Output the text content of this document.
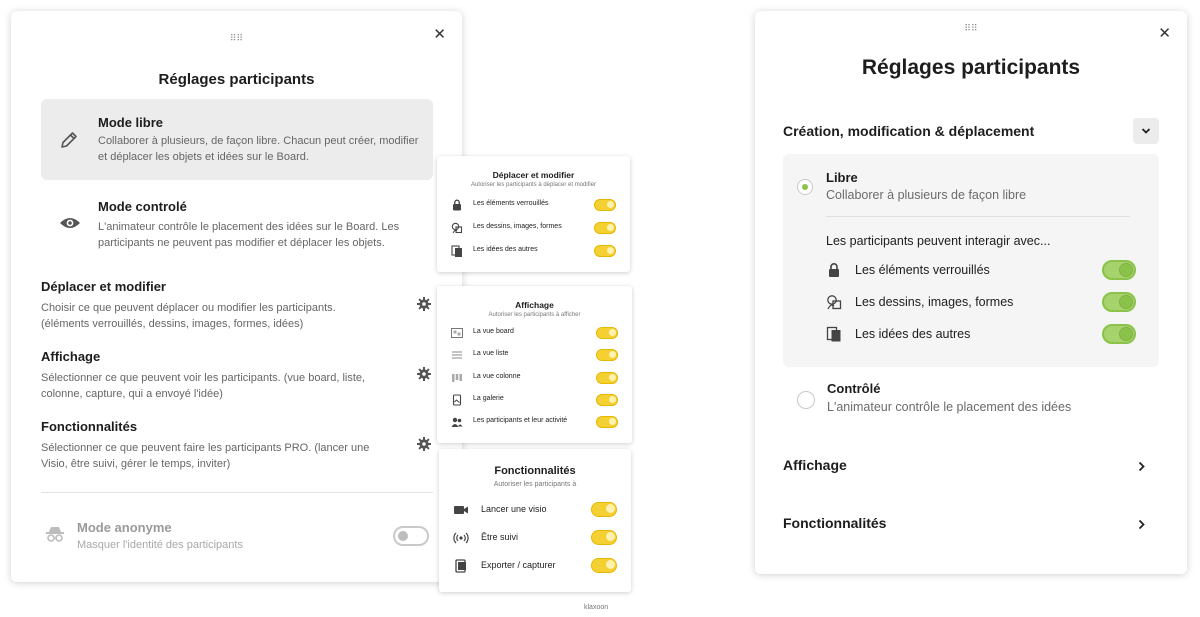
⠿⠿	✕
Réglages participants
Mode libre
Collaborer à plusieurs, de façon libre. Chacun peut créer, modifier et déplacer les objets et idées sur le Board.
Mode controlé
L'animateur contrôle le placement des idées sur le Board. Les participants ne peuvent pas modifier et déplacer les objets.
Déplacer et modifier
Choisir ce que peuvent déplacer ou modifier les participants. (éléments verrouillés, dessins, images, formes, idées)
Affichage
Sélectionner ce que peuvent voir les participants. (vue board, liste, colonne, capture, qui a envoyé l'idée)
Fonctionnalités
Sélectionner ce que peuvent faire les participants PRO. (lancer une Visio, être suivi, gérer le temps, inviter)
Mode anonyme
Masquer l'identité des participants
Déplacer et modifier
Autoriser les participants à déplacer et modifier
Les éléments verrouillés
Les dessins, images, formes
Les idées des autres
Affichage
Autoriser les participants à afficher
La vue board
La vue liste
La vue colonne
La galerie
Les participants et leur activité
Fonctionnalités
Autoriser les participants à
Lancer une visio
Être suivi
Exporter / capturer
klaxoon
⠿⠿	✕
Réglages participants
Création, modification & déplacement
Libre
Collaborer à plusieurs de façon libre
Les participants peuvent interagir avec...
Les éléments verrouillés
Les dessins, images, formes
Les idées des autres
Contrôlé
L'animateur contrôle le placement des idées
Affichage
Fonctionnalités
